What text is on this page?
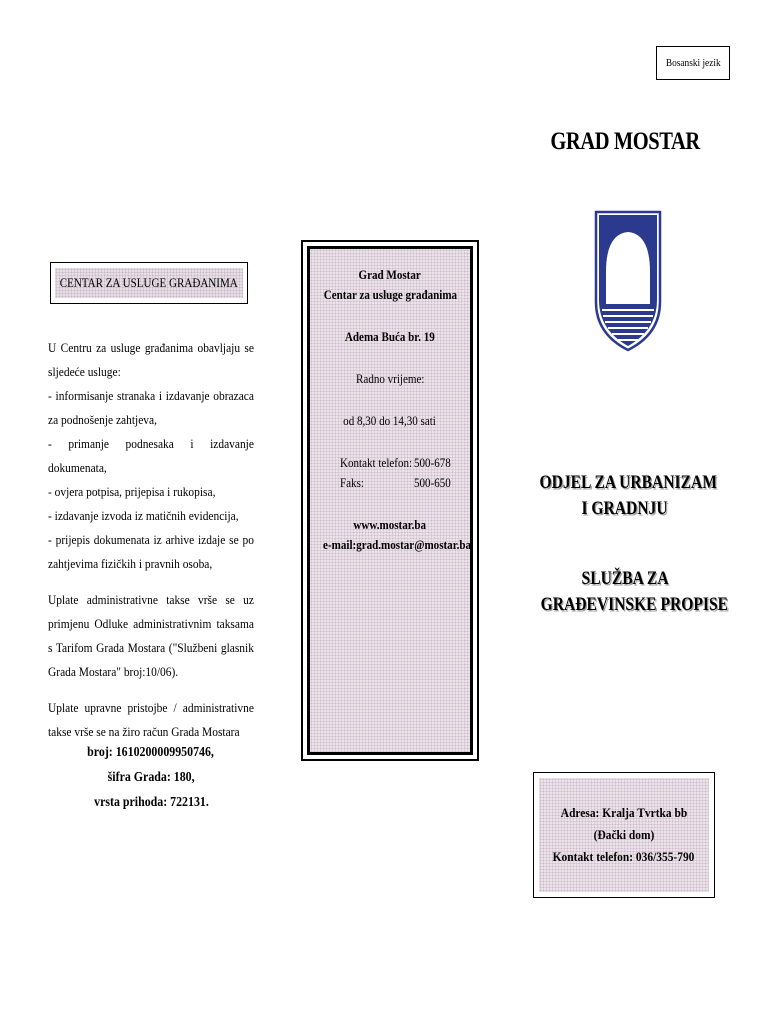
Bosanski jezik
GRAD MOSTAR
CENTAR ZA USLUGE GRAĐANIMA

U Centru za usluge građanima obavljaju se sljedeće usluge:

- informisanje stranaka i izdavanje obrazaca za podnošenje zahtjeva,

- primanje podnesaka i izdavanje dokumenata,

- ovjera potpisa, prijepisa i rukopisa,

- izdavanje izvoda iz matičnih evidencija,

- prijepis dokumenata iz arhive izdaje se po zahtjevima fizičkih i pravnih osoba,

Uplate administrativne takse vrše se uz primjenu Odluke administrativnim taksama s Tarifom Grada Mostara ("Službeni glasnik Grada Mostara" broj:10/06).

Uplate upravne pristojbe / administrativne takse vrše se na žiro račun Grada Mostara

broj: 1610200009950746,
šifra Grada: 180,
vrsta prihoda: 722131.
Grad Mostar
Centar za usluge građanima
Adema Buća br. 19
Radno vrijeme:
od 8,30 do 14,30 sati
Kontakt telefon: 500-678
Faks:	500-650
www.mostar.ba
e-mail:grad.mostar@mostar.ba
ODJEL ZA URBANIZAM
I GRADNJU
SLUŽBA ZA
GRAĐEVINSKE PROPISE
Adresa: Kralja Tvrtka bb (Đački dom)
Kontakt telefon: 036/355-790
